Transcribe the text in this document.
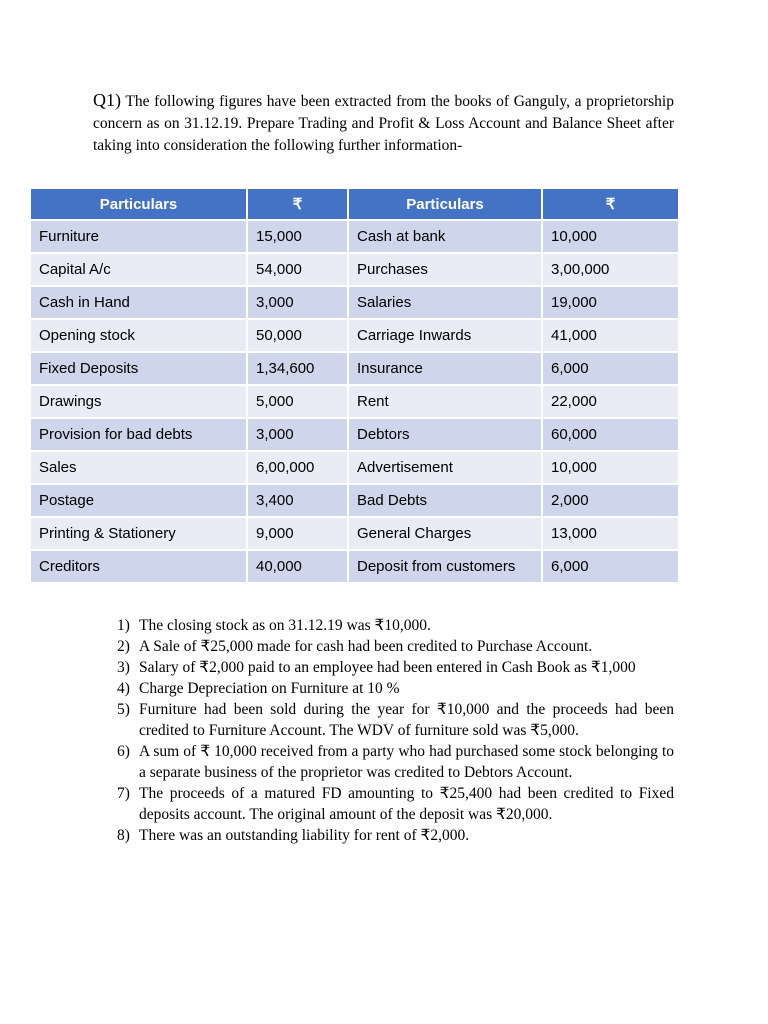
Q1) The following figures have been extracted from the books of Ganguly, a proprietorship concern as on 31.12.19. Prepare Trading and Profit & Loss Account and Balance Sheet after taking into consideration the following further information-
Particulars	₹	Particulars	₹
Furniture	15,000	Cash at bank	10,000
Capital A/c	54,000	Purchases	3,00,000
Cash in Hand	3,000	Salaries	19,000
Opening stock	50,000	Carriage Inwards	41,000
Fixed Deposits	1,34,600	Insurance	6,000
Drawings	5,000	Rent	22,000
Provision for bad debts	3,000	Debtors	60,000
Sales	6,00,000	Advertisement	10,000
Postage	3,400	Bad Debts	2,000
Printing & Stationery	9,000	General Charges	13,000
Creditors	40,000	Deposit from customers	6,000
1) The closing stock as on 31.12.19 was ₹10,000.
2) A Sale of ₹25,000 made for cash had been credited to Purchase Account.
3) Salary of ₹2,000 paid to an employee had been entered in Cash Book as ₹1,000
4) Charge Depreciation on Furniture at 10 %
5) Furniture had been sold during the year for ₹10,000 and the proceeds had been credited to Furniture Account. The WDV of furniture sold was ₹5,000.
6) A sum of ₹ 10,000 received from a party who had purchased some stock belonging to a separate business of the proprietor was credited to Debtors Account.
7) The proceeds of a matured FD amounting to ₹25,400 had been credited to Fixed deposits account. The original amount of the deposit was ₹20,000.
8) There was an outstanding liability for rent of ₹2,000.
